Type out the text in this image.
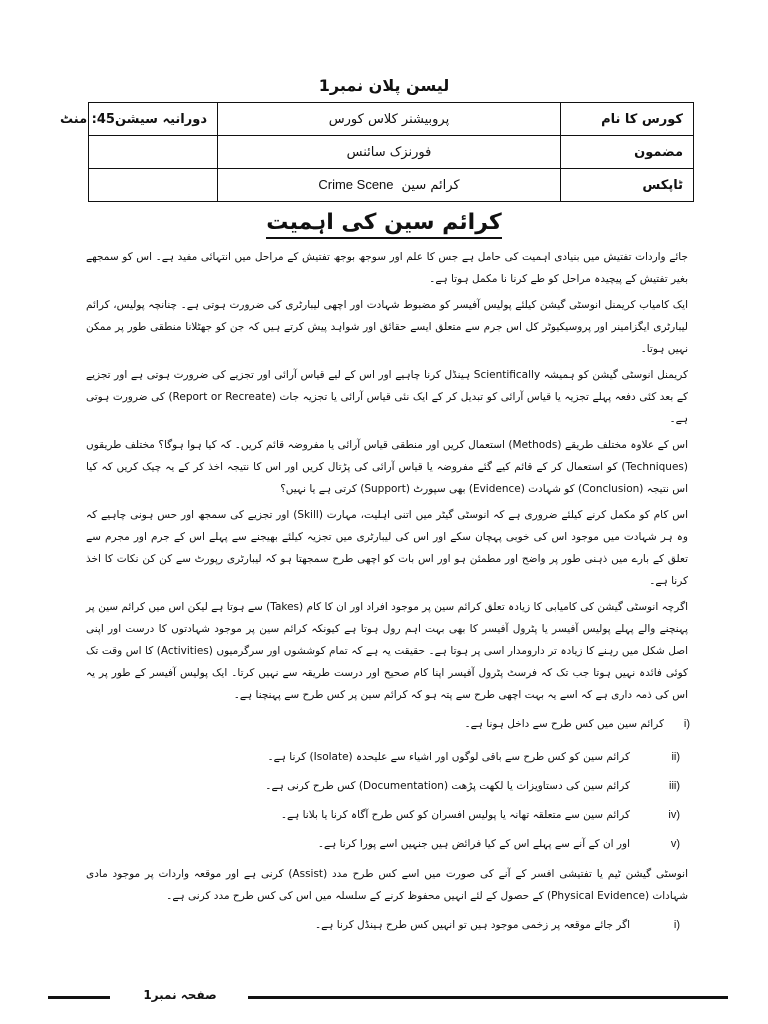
لیسن پلان نمبر1
کورس کا نام	پروبیشنر کلاس کورس	دورانیہ سیشن45: منٹ
مضمون	فورنزک سائنس	
ٹاپکس	کرائم سینCrime Scene	
کرائم سین کی اہمیت

جائے واردات تفتیش میں بنیادی اہمیت کی حامل ہے جس کا علم اور سوجھ بوجھ تفتیش کے مراحل میں انتہائی مفید ہے۔ اس کو سمجھے بغیر تفتیش کے پیچیدہ مراحل کو طے کرنا نا مکمل ہوتا ہے۔

ایک کامیاب کریمنل انوسٹی گیشن کیلئے پولیس آفیسر کو مضبوط شہادت اور اچھی لیبارٹری کی ضرورت ہوتی ہے۔ چنانچہ پولیس، کرائم لیبارٹری ایگزامینر اور پروسیکیوٹر کل اس جرم سے متعلق ایسے حقائق اور شواہد پیش کرتے ہیں کہ جن کو جھٹلانا منطقی طور پر ممکن نہیں ہوتا۔

کریمنل انوسٹی گیشن کو ہمیشہ Scientifically ہینڈل کرنا چاہیے اور اس کے لیے قیاس آرائی اور تجزیے کی ضرورت ہوتی ہے اور تجزیے کے بعد کئی دفعہ پہلے تجزیہ یا قیاس آرائی کو تبدیل کر کے ایک نئی قیاس آرائی یا تجزیہ جات (Report or Recreate) کی ضرورت ہوتی ہے۔

اس کے علاوہ مختلف طریقے (Methods) استعمال کریں اور منطقی قیاس آرائی یا مفروضہ قائم کریں۔ کہ کیا ہوا ہوگا؟ مختلف طریقوں (Techniques) کو استعمال کر کے قائم کیے گئے مفروضہ یا قیاس آرائی کی پڑتال کریں اور اس کا نتیجہ اخذ کر کے یہ چیک کریں کہ کیا اس نتیجہ (Conclusion) کو شہادت (Evidence) بھی سپورٹ (Support) کرتی ہے یا نہیں؟

اس کام کو مکمل کرنے کیلئے ضروری ہے کہ انوسٹی گیٹر میں اتنی اہلیت، مہارت (Skill) اور تجزیے کی سمجھ اور حس ہونی چاہیے کہ وہ ہر شہادت میں موجود اس کی خوبی پہچان سکے اور اس کی لیبارٹری میں تجزیہ کیلئے بھیجنے سے پہلے اس کے جرم اور مجرم سے تعلق کے بارے میں ذہنی طور پر واضح اور مطمئن ہو اور اس بات کو اچھی طرح سمجھتا ہو کہ لیبارٹری رپورٹ سے کن کن نکات کا اخذ کرنا ہے۔

اگرچہ انوسٹی گیشن کی کامیابی کا زیادہ تعلق کرائم سین پر موجود افراد اور ان کا کام (Takes) سے ہوتا ہے لیکن اس میں کرائم سین پر پہنچنے والے پہلے پولیس آفیسر یا پٹرول آفیسر کا بھی بہت اہم رول ہوتا ہے کیونکہ کرائم سین پر موجود شہادتوں کا درست اور اپنی اصل شکل میں رہنے کا زیادہ تر دارومدار اسی پر ہوتا ہے۔ حقیقت یہ ہے کہ تمام کوششوں اور سرگرمیوں (Activities) کا اس وقت تک کوئی فائدہ نہیں ہوتا جب تک کہ فرسٹ پٹرول آفیسر اپنا کام صحیح اور درست طریقہ سے نہیں کرتا۔ ایک پولیس آفیسر کے طور پر یہ اس کی ذمہ داری ہے کہ اسے یہ بہت اچھی طرح سے پتہ ہو کہ کرائم سین پر کس طرح سے پہنچنا ہے۔

i)
کرائم سین میں کس طرح سے داخل ہونا ہے۔
ii)
کرائم سین کو کس طرح سے باقی لوگوں اور اشیاء سے علیحدہ (Isolate) کرنا ہے۔
iii)
کرائم سین کی دستاویزات یا لکھت پڑھت (Documentation) کس طرح کرنی ہے۔
iv)
کرائم سین سے متعلقہ تھانہ یا پولیس افسران کو کس طرح آگاہ کرنا یا بلانا ہے۔
v)
اور ان کے آنے سے پہلے اس کے کیا فرائض ہیں جنہیں اسے پورا کرنا ہے۔

انوسٹی گیشن ٹیم یا تفتیشی افسر کے آنے کی صورت میں اسے کس طرح مدد (Assist) کرنی ہے اور موقعہ واردات پر موجود مادی شہادات (Physical Evidence) کے حصول کے لئے انہیں محفوظ کرنے کے سلسلہ میں اس کی کس طرح مدد کرنی ہے۔

i)
اگر جائے موقعہ پر زخمی موجود ہیں تو انہیں کس طرح ہینڈل کرنا ہے۔
صفحہ نمبر1
